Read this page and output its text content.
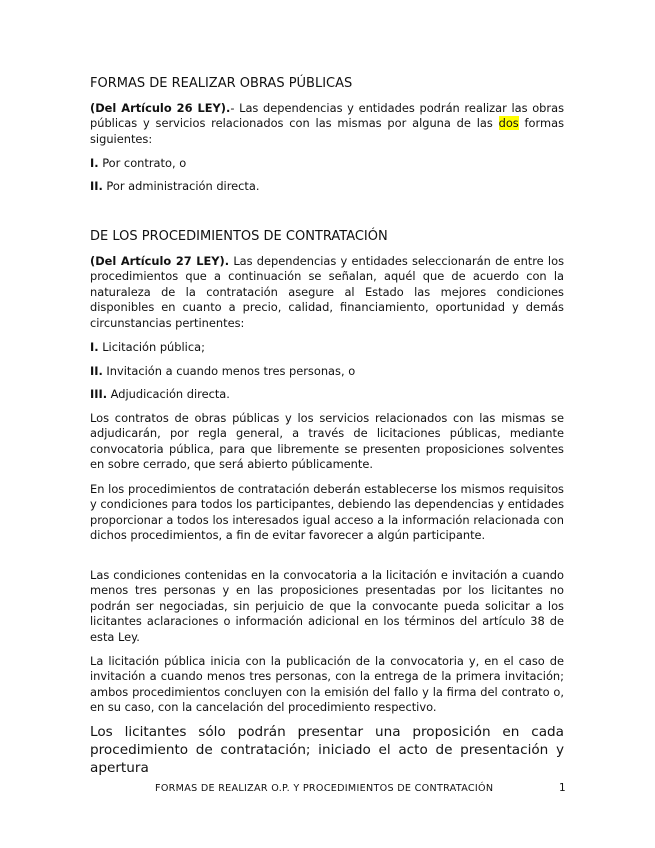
FORMAS DE REALIZAR OBRAS PÚBLICAS

(Del Artículo 26 LEY).- Las dependencias y entidades podrán realizar las obras públicas y servicios relacionados con las mismas por alguna de las dos formas siguientes:

I. Por contrato, o

II. Por administración directa.

DE LOS PROCEDIMIENTOS DE CONTRATACIÓN

(Del Artículo 27 LEY). Las dependencias y entidades seleccionarán de entre los procedimientos que a continuación se señalan, aquél que de acuerdo con la naturaleza de la contratación asegure al Estado las mejores condiciones disponibles en cuanto a precio, calidad, financiamiento, oportunidad y demás circunstancias pertinentes:

I. Licitación pública;

II. Invitación a cuando menos tres personas, o

III. Adjudicación directa.

Los contratos de obras públicas y los servicios relacionados con las mismas se adjudicarán, por regla general, a través de licitaciones públicas, mediante convocatoria pública, para que libremente se presenten proposiciones solventes en sobre cerrado, que será abierto públicamente.

En los procedimientos de contratación deberán establecerse los mismos requisitos y condiciones para todos los participantes, debiendo las dependencias y entidades proporcionar a todos los interesados igual acceso a la información relacionada con dichos procedimientos, a fin de evitar favorecer a algún participante.

Las condiciones contenidas en la convocatoria a la licitación e invitación a cuando menos tres personas y en las proposiciones presentadas por los licitantes no podrán ser negociadas, sin perjuicio de que la convocante pueda solicitar a los licitantes aclaraciones o información adicional en los términos del artículo 38 de esta Ley.

La licitación pública inicia con la publicación de la convocatoria y, en el caso de invitación a cuando menos tres personas, con la entrega de la primera invitación; ambos procedimientos concluyen con la emisión del fallo y la firma del contrato o, en su caso, con la cancelación del procedimiento respectivo.

Los licitantes sólo podrán presentar una proposición en cada procedimiento de contratación; iniciado el acto de presentación y apertura

FORMAS DE REALIZAR O.P. Y PROCEDIMIENTOS DE CONTRATACIÓN	1
